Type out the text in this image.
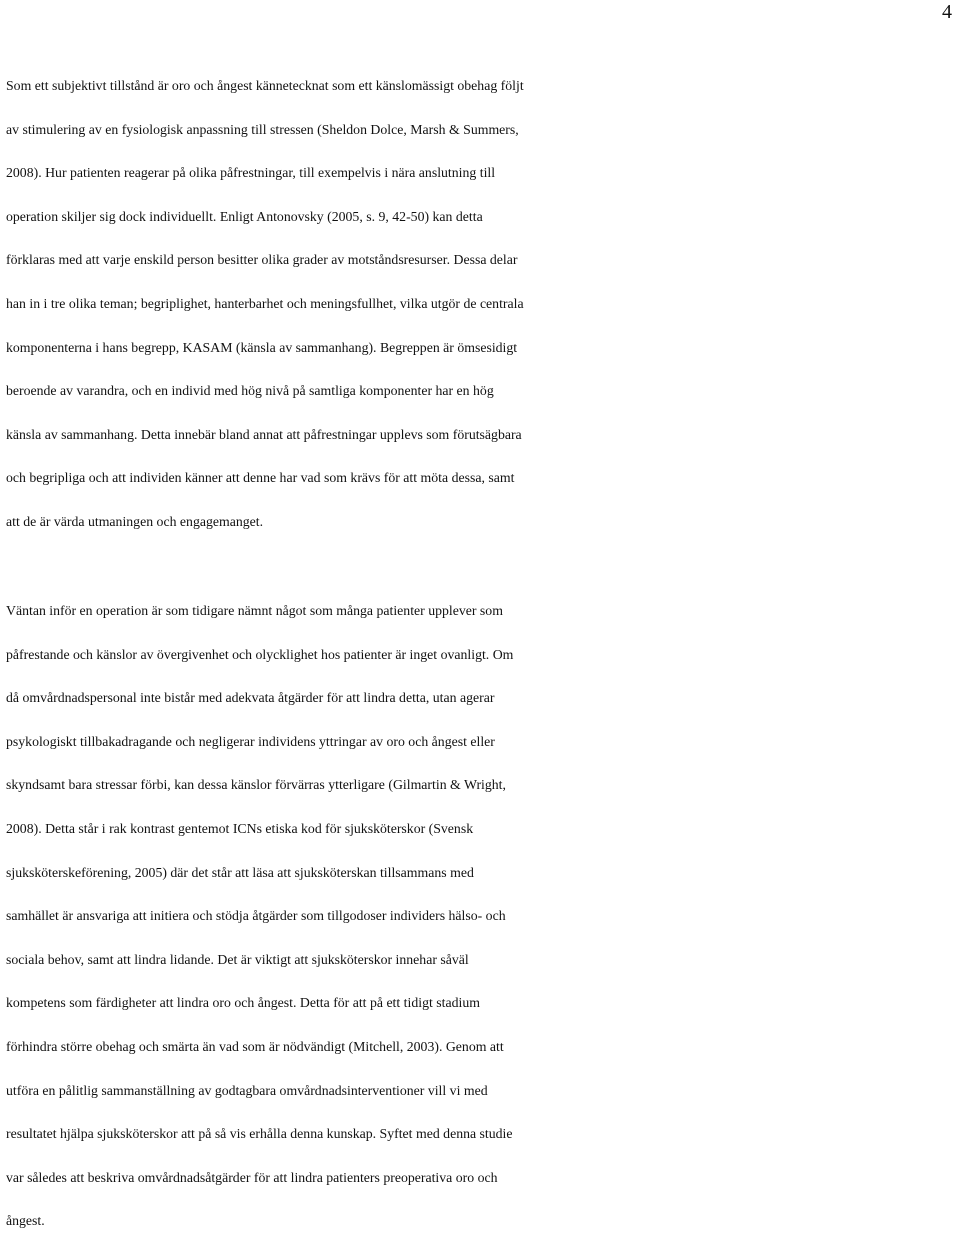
4
Som ett subjektivt tillstånd är oro och ångest kännetecknat som ett känslomässigt obehag följt
av stimulering av en fysiologisk anpassning till stressen (Sheldon Dolce, Marsh & Summers,
2008). Hur patienten reagerar på olika påfrestningar, till exempelvis i nära anslutning till
operation skiljer sig dock individuellt. Enligt Antonovsky (2005, s. 9, 42-50) kan detta
förklaras med att varje enskild person besitter olika grader av motståndsresurser. Dessa delar
han in i tre olika teman; begriplighet, hanterbarhet och meningsfullhet, vilka utgör de centrala
komponenterna i hans begrepp, KASAM (känsla av sammanhang). Begreppen är ömsesidigt
beroende av varandra, och en individ med hög nivå på samtliga komponenter har en hög
känsla av sammanhang. Detta innebär bland annat att påfrestningar upplevs som förutsägbara
och begripliga och att individen känner att denne har vad som krävs för att möta dessa, samt
att de är värda utmaningen och engagemanget.
Väntan inför en operation är som tidigare nämnt något som många patienter upplever som
påfrestande och känslor av övergivenhet och olycklighet hos patienter är inget ovanligt. Om
då omvårdnadspersonal inte bistår med adekvata åtgärder för att lindra detta, utan agerar
psykologiskt tillbakadragande och negligerar individens yttringar av oro och ångest eller
skyndsamt bara stressar förbi, kan dessa känslor förvärras ytterligare (Gilmartin & Wright,
2008). Detta står i rak kontrast gentemot ICNs etiska kod för sjuksköterskor (Svensk
sjuksköterskeförening, 2005) där det står att läsa att sjuksköterskan tillsammans med
samhället är ansvariga att initiera och stödja åtgärder som tillgodoser individers hälso- och
sociala behov, samt att lindra lidande. Det är viktigt att sjuksköterskor innehar såväl
kompetens som färdigheter att lindra oro och ångest. Detta för att på ett tidigt stadium
förhindra större obehag och smärta än vad som är nödvändigt (Mitchell, 2003). Genom att
utföra en pålitlig sammanställning av godtagbara omvårdnadsinterventioner vill vi med
resultatet hjälpa sjuksköterskor att på så vis erhålla denna kunskap. Syftet med denna studie
var således att beskriva omvårdnadsåtgärder för att lindra patienters preoperativa oro och
ångest.
